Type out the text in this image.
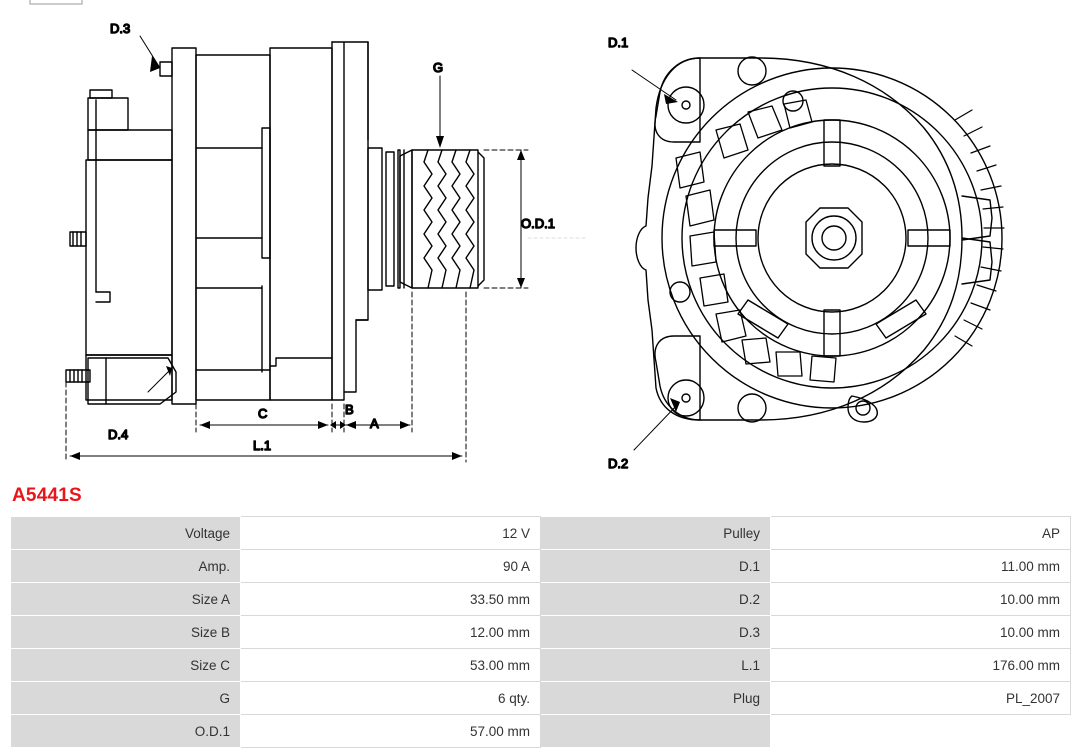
D.3
D.4
G
O.D.1
C	B
A
L.1
D.1
D.2
A5441S
Voltage	12 V	Pulley	AP
Amp.	90 A	D.1	11.00 mm
Size A	33.50 mm	D.2	10.00 mm
Size B	12.00 mm	D.3	10.00 mm
Size C	53.00 mm	L.1	176.00 mm
G	6 qty.	Plug	PL_2007
O.D.1	57.00 mm		
